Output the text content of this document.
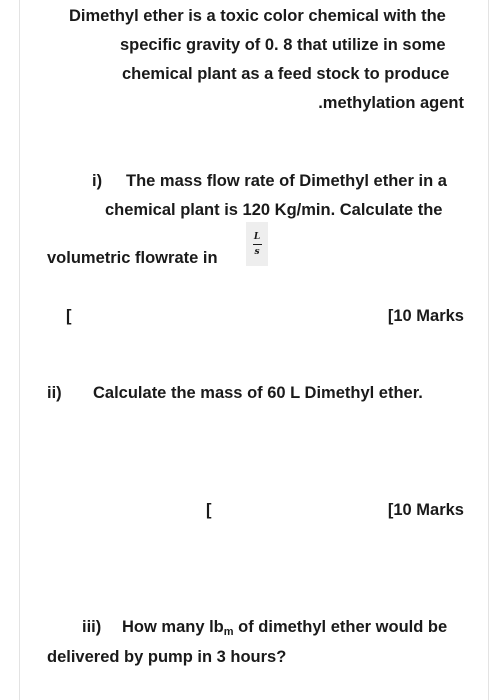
Dimethyl ether is a toxic color chemical with the
specific gravity of 0. 8 that utilize in some
chemical plant as a feed stock to produce
.methylation agent
i) The mass flow rate of Dimethyl ether in a
chemical plant is 120 Kg/min. Calculate the
volumetric flowrate in
L
s
[	[10 Marks
ii) Calculate the mass of 60 L Dimethyl ether.
[	[10 Marks
iii) How many $lb_m$ of dimethyl ether would be
delivered by pump in 3 hours?
